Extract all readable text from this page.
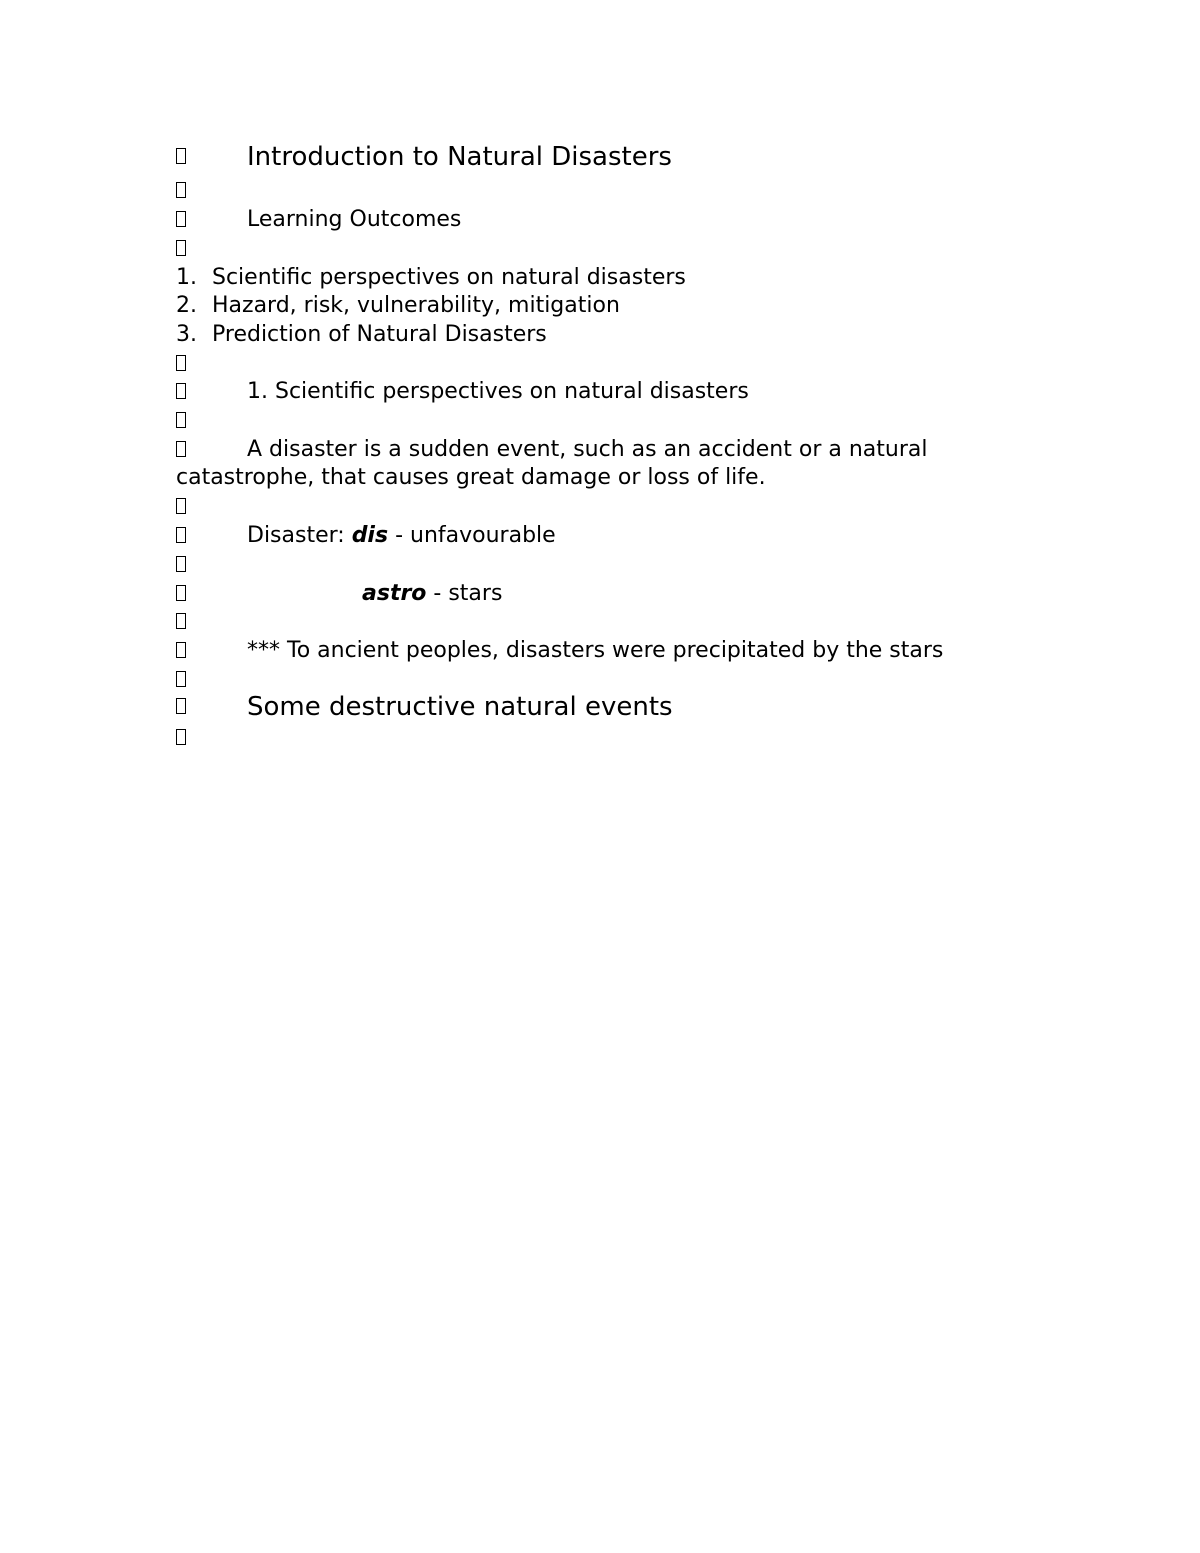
Introduction to Natural Disasters
Learning Outcomes
1. Scientific perspectives on natural disasters
2. Hazard, risk, vulnerability, mitigation
3. Prediction of Natural Disasters
1. Scientific perspectives on natural disasters
A disaster is a sudden event, such as an accident or a natural
catastrophe, that causes great damage or loss of life.
Disaster: dis - unfavourable
astro - stars
*** To ancient peoples, disasters were precipitated by the stars
Some destructive natural events
